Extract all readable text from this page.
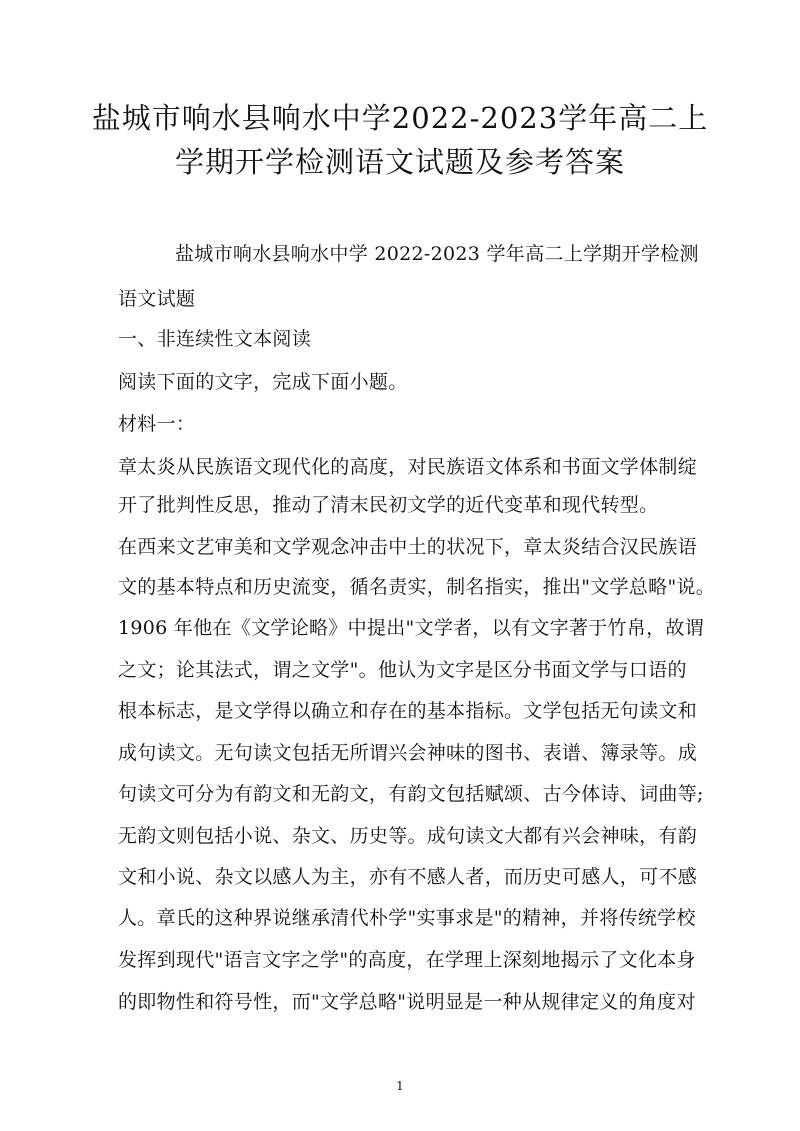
盐城市响水县响水中学2022-2023学年高二上
学期开学检测语文试题及参考答案
盐城市响水县响水中学 2022-2023 学年高二上学期开学检测
语文试题
一、非连续性文本阅读
阅读下面的文字，完成下面小题。
材料一：
章太炎从民族语文现代化的高度，对民族语文体系和书面文学体制绽
开了批判性反思，推动了清末民初文学的近代变革和现代转型。
在西来文艺审美和文学观念冲击中土的状况下，章太炎结合汉民族语
文的基本特点和历史流变，循名责实，制名指实，推出"文学总略"说。
1906 年他在《文学论略》中提出"文学者，以有文字著于竹帛，故谓
之文；论其法式，谓之文学"。他认为文字是区分书面文学与口语的
根本标志，是文学得以确立和存在的基本指标。文学包括无句读文和
成句读文。无句读文包括无所谓兴会神味的图书、表谱、簿录等。成
句读文可分为有韵文和无韵文，有韵文包括赋颂、古今体诗、词曲等;
无韵文则包括小说、杂文、历史等。成句读文大都有兴会神味，有韵
文和小说、杂文以感人为主，亦有不感人者，而历史可感人，可不感
人。章氏的这种界说继承清代朴学"实事求是"的精神，并将传统学校
发挥到现代"语言文字之学"的高度，在学理上深刻地揭示了文化本身
的即物性和符号性，而"文学总略"说明显是一种从规律定义的角度对
1
